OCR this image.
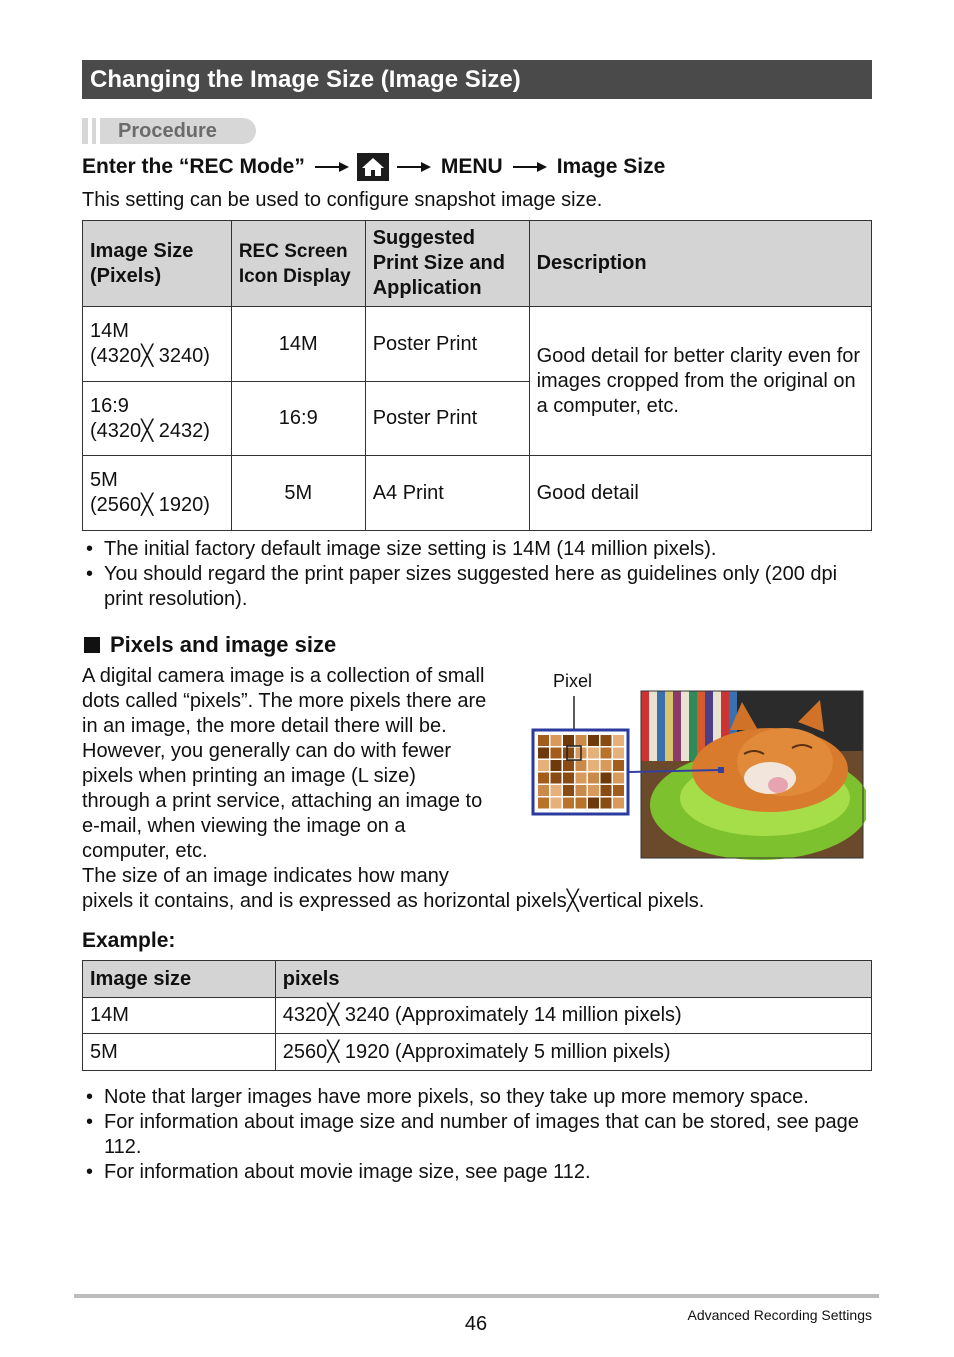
Changing the Image Size (Image Size)
Procedure
Enter the “REC Mode”	MENU	Image Size
This setting can be used to configure snapshot image size.
Image Size (Pixels)	REC Screen Icon Display	Suggested Print Size and Application	Description

14M
(4320╳ 3240)	14M	Poster Print	Good detail for better clarity even for images cropped from the original on a computer, etc.

16:9
(4320╳ 2432)	16:9	Poster Print	

5M
(2560╳ 1920)	5M	A4 Print	Good detail
• The initial factory default image size setting is 14M (14 million pixels).
• You should regard the print paper sizes suggested here as guidelines only (200 dpi print resolution).
Pixels and image size
A digital camera image is a collection of small
dots called “pixels”. The more pixels there are
in an image, the more detail there will be.
However, you generally can do with fewer
pixels when printing an image (L size)
through a print service, attaching an image to
e-mail, when viewing the image on a
computer, etc.
The size of an image indicates how many
pixels it contains, and is expressed as horizontal pixels╳vertical pixels.
Pixel
Example:
Image size	pixels
14M	4320╳ 3240 (Approximately 14 million pixels)
5M	2560╳ 1920 (Approximately 5 million pixels)
• Note that larger images have more pixels, so they take up more memory space.
• For information about image size and number of images that can be stored, see page 112.
• For information about movie image size, see page 112.
46	Advanced Recording Settings
